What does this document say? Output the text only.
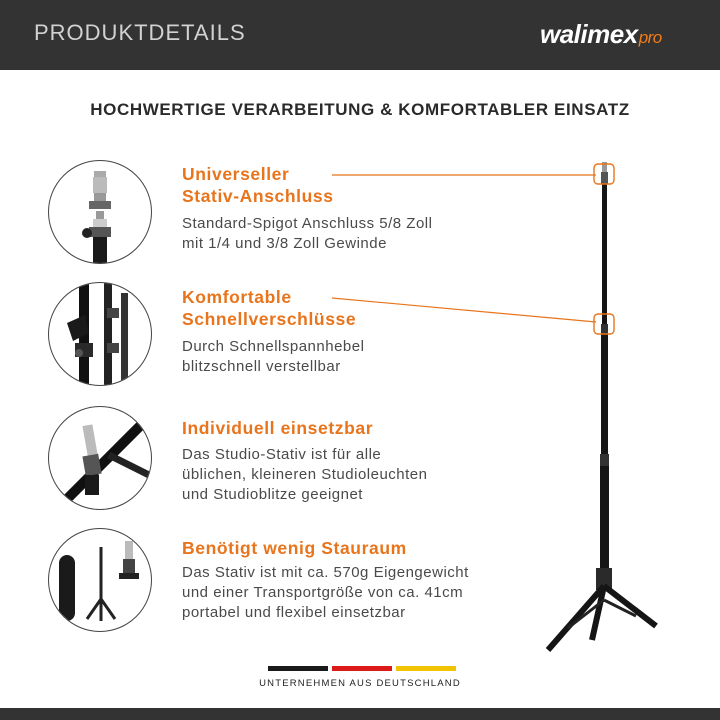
PRODUKTDETAILS	walimexpro
HOCHWERTIGE VERARBEITUNG & KOMFORTABLER EINSATZ
Universeller
Stativ-Anschluss
Standard-Spigot Anschluss 5/8 Zoll
mit 1/4 und 3/8 Zoll Gewinde
Komfortable
Schnellverschlüsse
Durch Schnellspannhebel
blitzschnell verstellbar
Individuell einsetzbar
Das Studio-Stativ ist für alle
üblichen, kleineren Studioleuchten
und Studioblitze geeignet
Benötigt wenig Stauraum
Das Stativ ist mit ca. 570g Eigengewicht
und einer Transportgröße von ca. 41cm
portabel und flexibel einsetzbar
UNTERNEHMEN AUS DEUTSCHLAND
